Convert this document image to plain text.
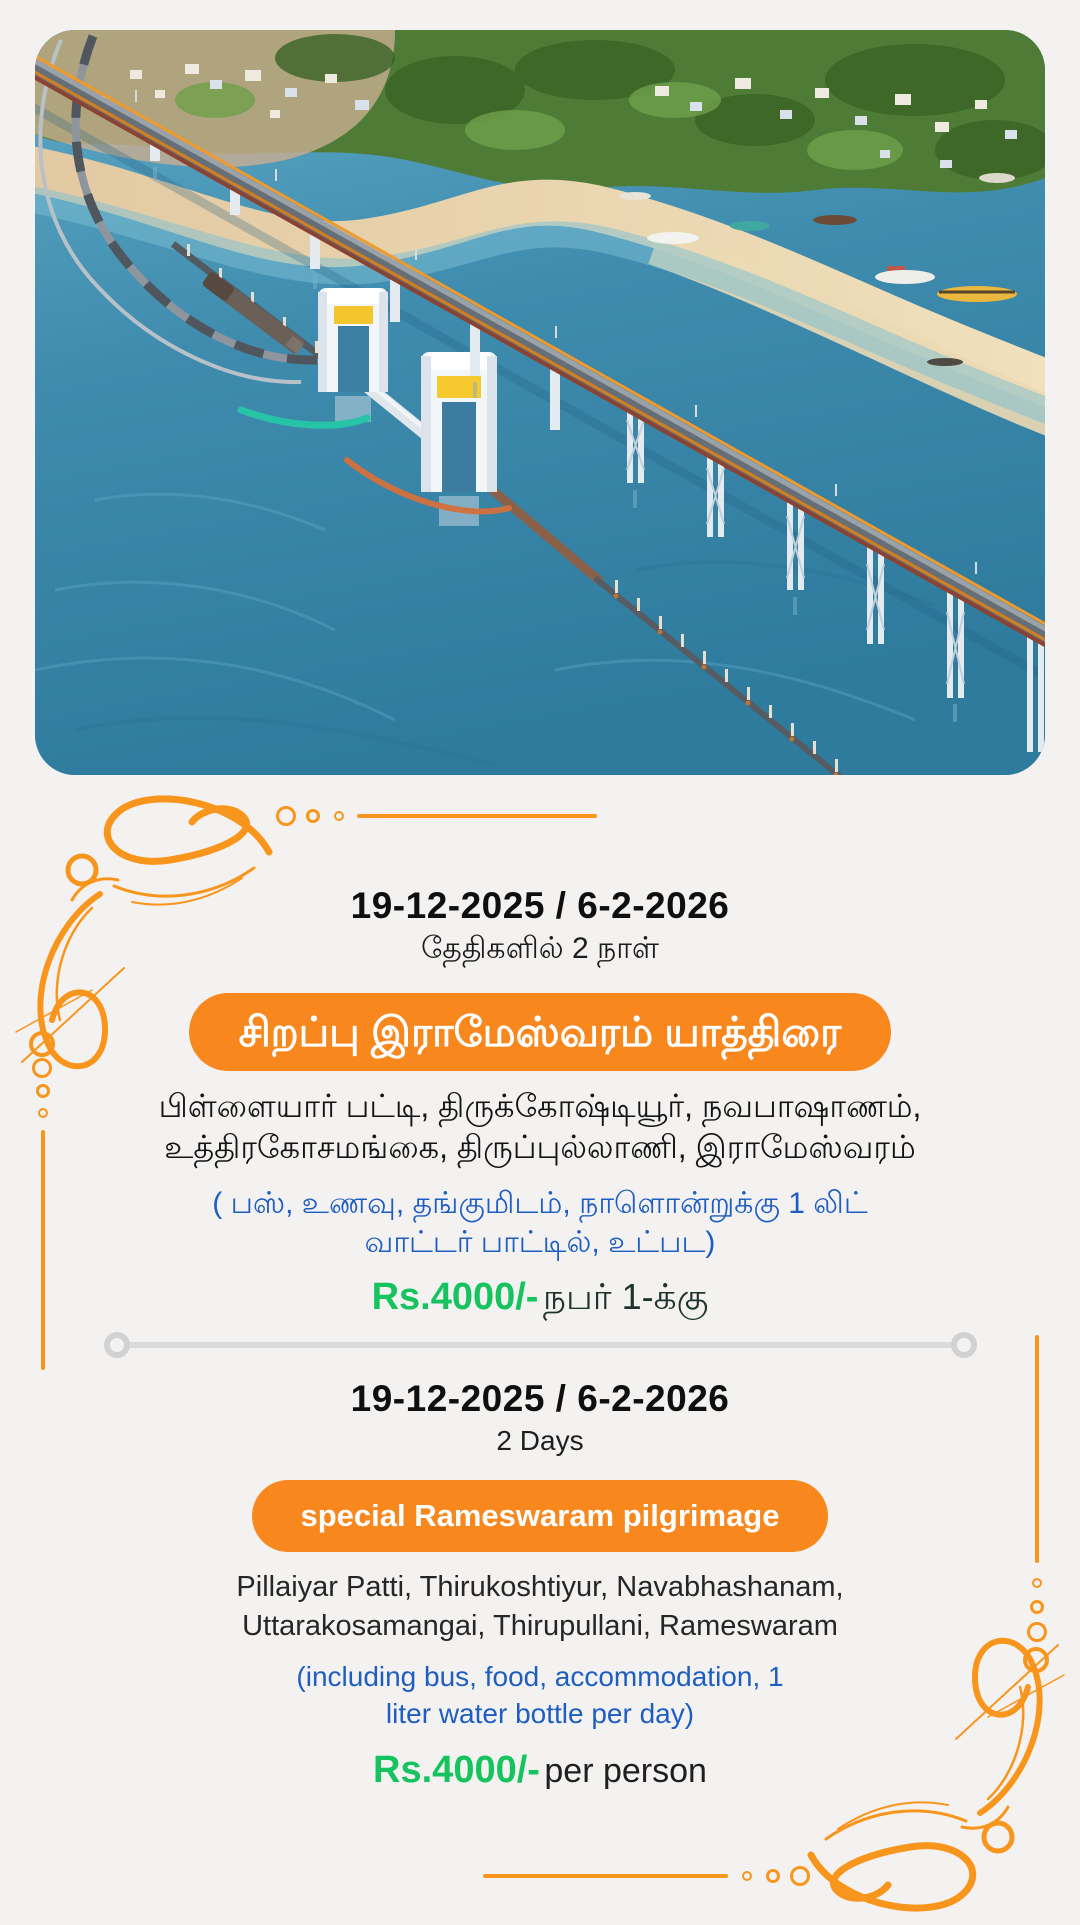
19-12-2025 / 6-2-2026
தேதிகளில் 2 நாள்
சிறப்பு இராமேஸ்வரம் யாத்திரை
பிள்ளையார் பட்டி, திருக்கோஷ்டியூர், நவபாஷாணம்,
உத்திரகோசமங்கை, திருப்புல்லாணி, இராமேஸ்வரம்
( பஸ், உணவு, தங்குமிடம், நாளொன்றுக்கு 1 லிட்
வாட்டர் பாட்டில், உட்பட)
Rs.4000/- நபர் 1-க்கு
19-12-2025 / 6-2-2026
2 Days
special Rameswaram pilgrimage
Pillaiyar Patti, Thirukoshtiyur, Navabhashanam,
Uttarakosamangai, Thirupullani, Rameswaram
(including bus, food, accommodation, 1
liter water bottle per day)
Rs.4000/- per person
